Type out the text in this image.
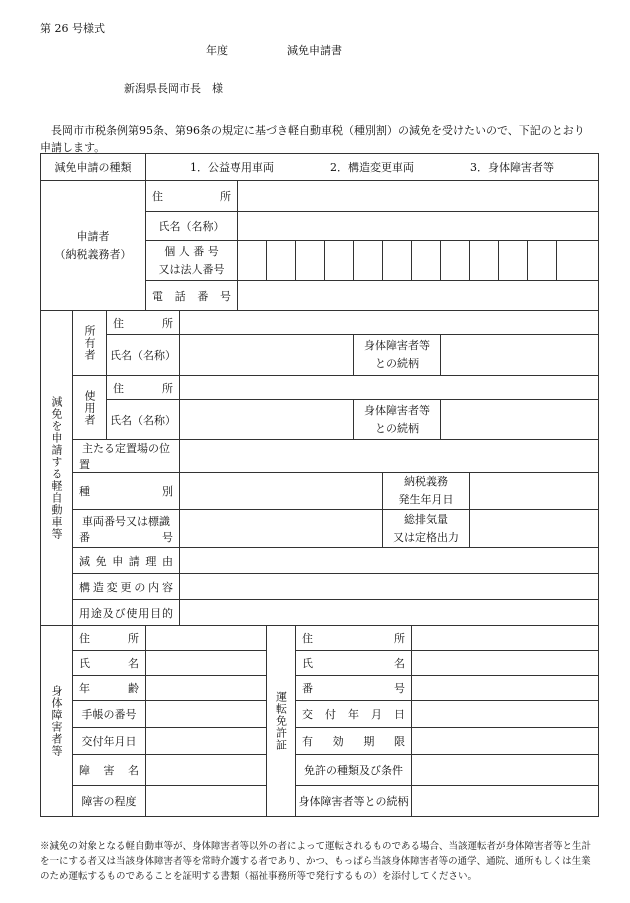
第 26 号様式
年度	減免申請書
新潟県長岡市長　様
長岡市市税条例第95条、第96条の規定に基づき軽自動車税（種別割）の減免を受けたいので、下記のとおり申請します。
減免申請の種類			1．公益専用車両 2．構造変更車両 3．身体障害者等													

申請者
（納税義務者）			住　　所													
			氏名（名称）													

			個 人 番 号
又は法人番号													

			電 話 番 号													

減免を申請する軽自動車等	所有者	住　　所														
		氏名（名称）							身体障害者等
との続柄							

	使用者	住　　所														
		氏名（名称）							身体障害者等
との続柄							

	主たる定置場の位置															
	種　　　別									納税義務
発生年月日						

	車両番号又は標識番号									総排気量
又は定格出力						

	減免申請理由															
	構造変更の内容															
	用途及び使用目的															

身体障害者等	住　　所					運転免許証	住　　所									
	氏　　名						氏　　名									
	年　　齢						番　　号									
	手帳の番号						交 付 年 月 日									
	交付年月日						有　効　期　限									
	障　害　名						免許の種類及び条件									
	障害の程度						身体障害者等との続柄									
※減免の対象となる軽自動車等が、身体障害者等以外の者によって運転されるものである場合、当該運転者が身体障害者等と生計を一にする者又は当該身体障害者等を常時介護する者であり、かつ、もっぱら当該身体障害者等の通学、通院、通所もしくは生業のため運転するものであることを証明する書類（福祉事務所等で発行するもの）を添付してください。
